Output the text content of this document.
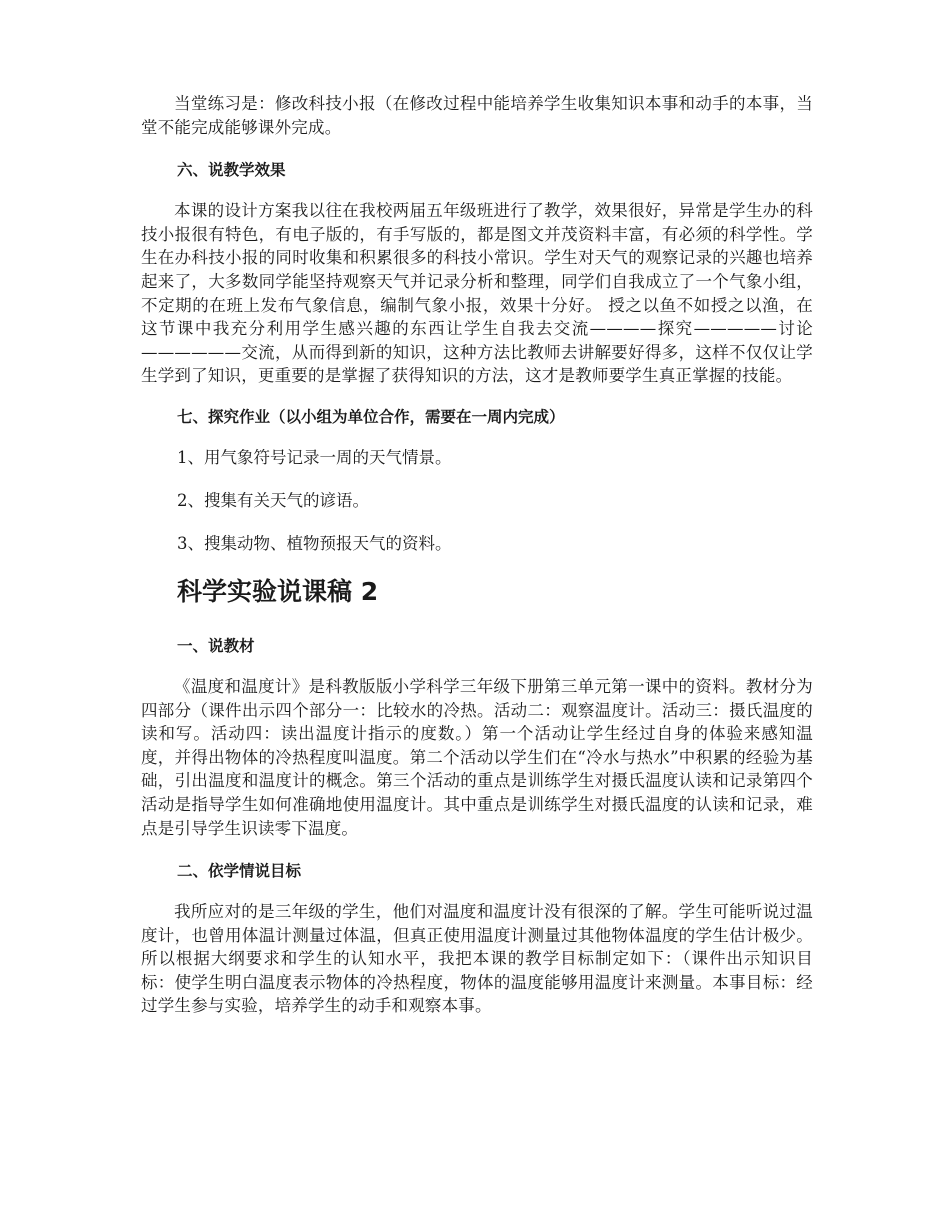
当堂练习是：修改科技小报（在修改过程中能培养学生收集知识本事和动手的本事，当堂不能完成能够课外完成。

六、说教学效果

本课的设计方案我以往在我校两届五年级班进行了教学，效果很好，异常是学生办的科技小报很有特色，有电子版的，有手写版的，都是图文并茂资料丰富，有必须的科学性。学生在办科技小报的同时收集和积累很多的科技小常识。学生对天气的观察记录的兴趣也培养起来了，大多数同学能坚持观察天气并记录分析和整理，同学们自我成立了一个气象小组，不定期的在班上发布气象信息，编制气象小报，效果十分好。 授之以鱼不如授之以渔，在这节课中我充分利用学生感兴趣的东西让学生自我去交流————探究—————讨论——————交流，从而得到新的知识，这种方法比教师去讲解要好得多，这样不仅仅让学生学到了知识，更重要的是掌握了获得知识的方法，这才是教师要学生真正掌握的技能。

七、探究作业（以小组为单位合作，需要在一周内完成）

1、用气象符号记录一周的天气情景。

2、搜集有关天气的谚语。

3、搜集动物、植物预报天气的资料。

科学实验说课稿 2

一、说教材

《温度和温度计》是科教版版小学科学三年级下册第三单元第一课中的资料。教材分为四部分（课件出示四个部分一：比较水的冷热。活动二：观察温度计。活动三：摄氏温度的读和写。活动四：读出温度计指示的度数。）第一个活动让学生经过自身的体验来感知温度，并得出物体的冷热程度叫温度。第二个活动以学生们在“冷水与热水”中积累的经验为基础，引出温度和温度计的概念。第三个活动的重点是训练学生对摄氏温度认读和记录第四个活动是指导学生如何准确地使用温度计。其中重点是训练学生对摄氏温度的认读和记录，难点是引导学生识读零下温度。

二、依学情说目标

我所应对的是三年级的学生，他们对温度和温度计没有很深的了解。学生可能听说过温度计，也曾用体温计测量过体温，但真正使用温度计测量过其他物体温度的学生估计极少。所以根据大纲要求和学生的认知水平，我把本课的教学目标制定如下：（课件出示知识目标：使学生明白温度表示物体的冷热程度，物体的温度能够用温度计来测量。本事目标：经过学生参与实验，培养学生的动手和观察本事。
